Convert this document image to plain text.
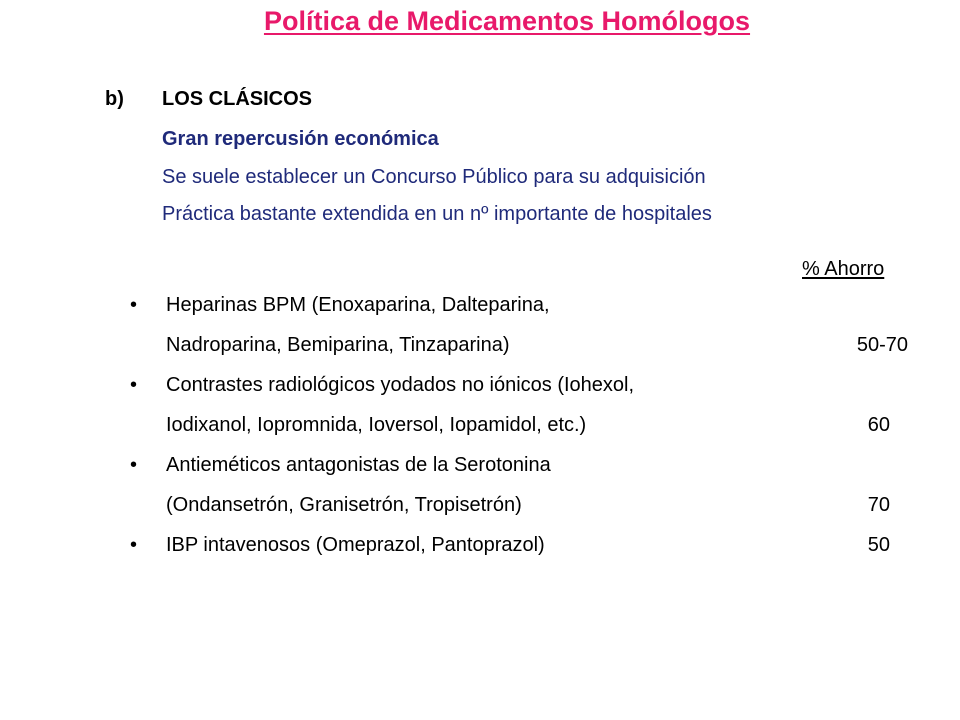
Política de Medicamentos Homólogos
b) LOS CLÁSICOS
Gran repercusión económica
Se suele establecer un Concurso Público para su adquisición
Práctica bastante extendida en un nº importante de hospitales
% Ahorro
• Heparinas BPM (Enoxaparina, Dalteparina,
Nadroparina, Bemiparina, Tinzaparina)	50-70
• Contrastes radiológicos yodados no iónicos (Iohexol,
Iodixanol, Iopromnida, Ioversol, Iopamidol, etc.)	60
• Antieméticos antagonistas de la Serotonina
(Ondansetrón, Granisetrón, Tropisetrón)	70
• IBP intavenosos (Omeprazol, Pantoprazol)	50
